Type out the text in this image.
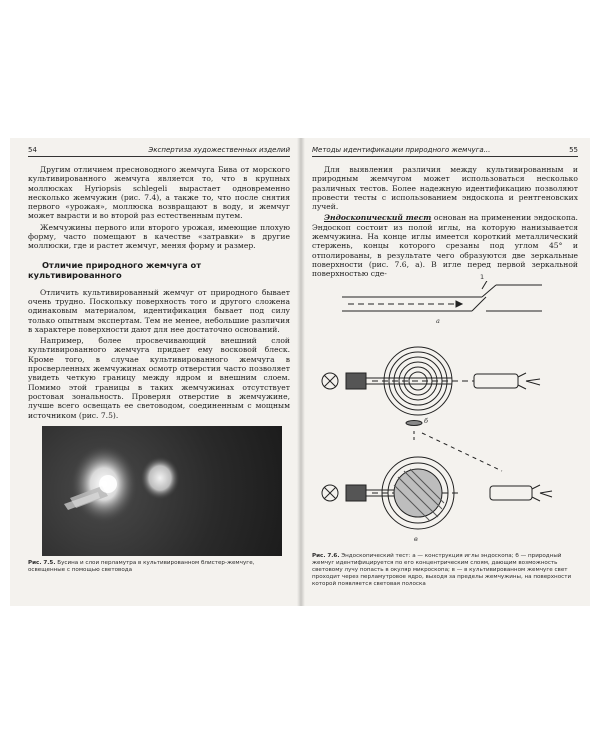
54	Экспертиза художественных изделий

Другим отличием пресноводного жемчуга Бива от морского культивированного жемчуга является то, что в крупных моллюсках Hyriopsis schlegeli вырастает одновременно несколько жемчужин (рис. 7.4), а также то, что после снятия первого «урожая», моллюска возвращают в воду, и жемчуг может вырасти и во второй раз естественным путем.

Жемчужины первого или второго урожая, имеющие плохую форму, часто помещают в качестве «затравки» в другие моллюски, где и растет жемчуг, меняя форму и размер.

Отличие природного жемчуга от культивированного

Отличить культивированный жемчуг от природного бывает очень трудно. Поскольку поверхность того и другого сложена одинаковым материалом, идентификация бывает под силу только опытным экспертам. Тем не менее, небольшие различия в характере поверхности дают для нее достаточно оснований.

Например, более просвечивающий внешний слой культивированного жемчуга придает ему восковой блеск. Кроме того, в случае культивированного жемчуга в просверленных жемчужинах осмотр отверстия часто позволяет увидеть четкую границу между ядром и внешним слоем. Помимо этой границы в таких жемчужинах отсутствует ростовая зональность. Проверяя отверстие в жемчужине, лучше всего освещать ее световодом, соединенным с мощным источником (рис. 7.5).

Рис. 7.5. Бусина и слои перламутра в культивированном блистер-жемчуге, освещенные с помощью световода
Методы идентификации природного жемчуга...	55

Для выявления различия между культивированным и природным жемчугом может использоваться несколько различных тестов. Более надежную идентификацию позволяют провести тесты с использованием эндоскопа и рентгеновских лучей.

Эндоскопический тест основан на применении эндоскопа. Эндоскоп состоит из полой иглы, на которую нанизывается жемчужина. На конце иглы имеется короткий металлический стержень, концы которого срезаны под углом 45° и отполированы, в результате чего образуются две зеркальные поверхности (рис. 7.6, а). В игле перед первой зеркальной поверхностью сде-	1
а
б
в
Рис. 7.6. Эндоскопический тест: а — конструкция иглы эндоскопа; б — природный жемчуг идентифицируется по его концентрическим слоям, дающим возможность световому лучу попасть в окуляр микроскопа; в — в культивированном жемчуге свет проходит через перламутровое ядро, выходя за пределы жемчужины, на поверхности которой появляется световая полоска
